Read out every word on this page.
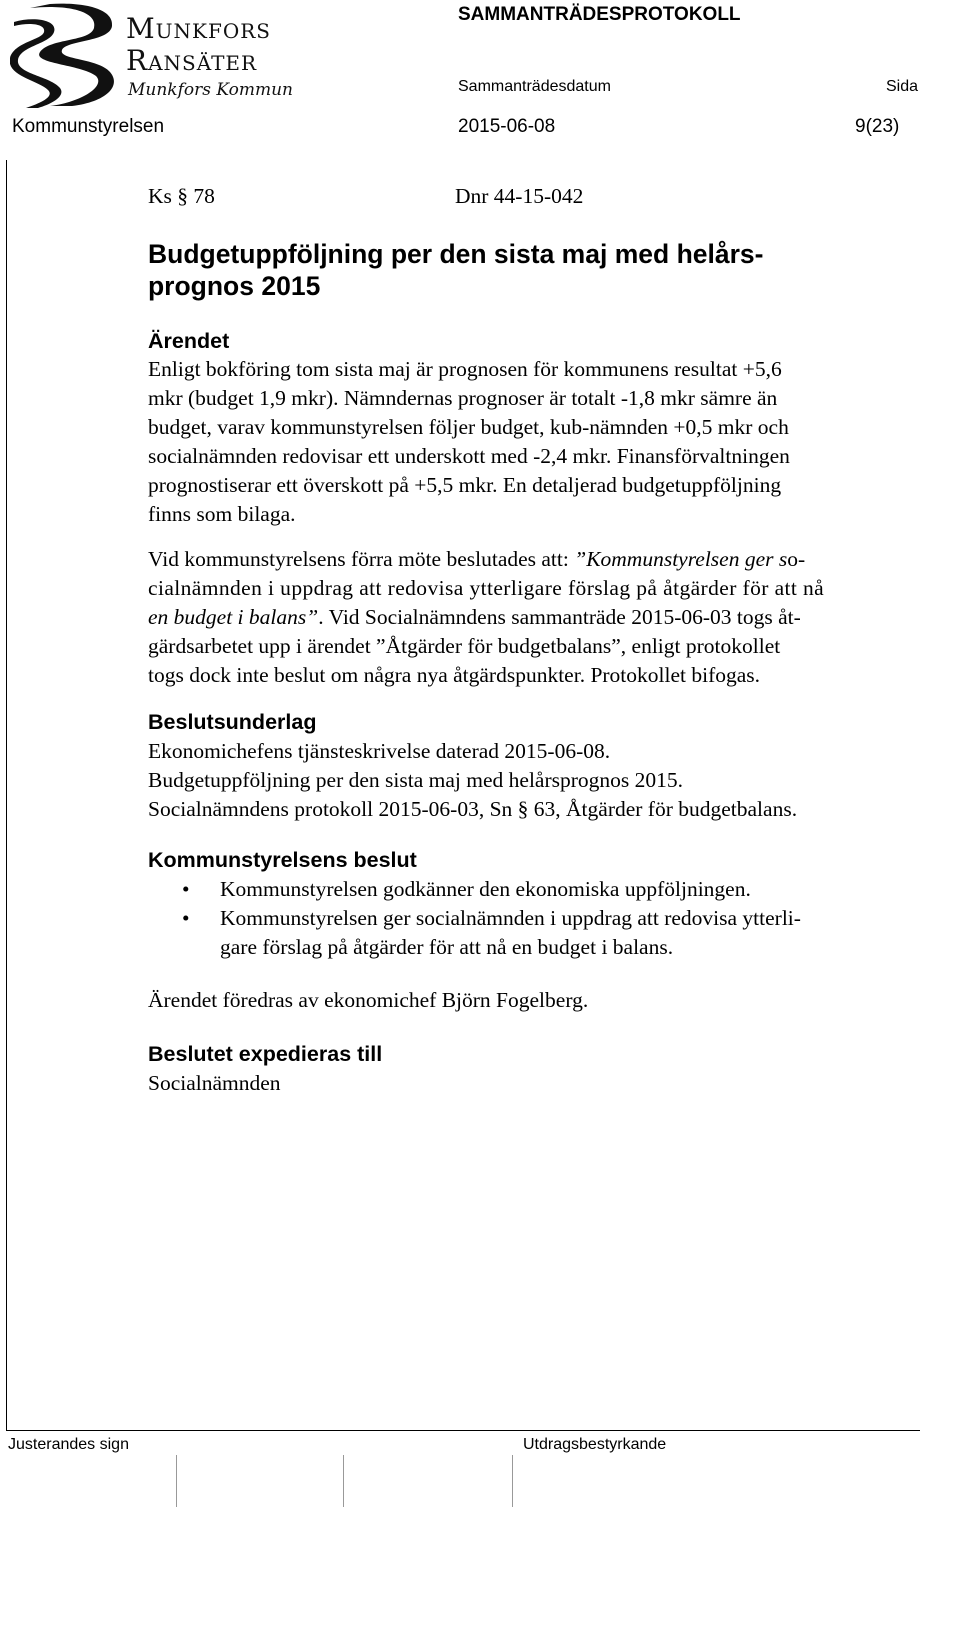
Munkfors
Ransäter
Munkfors Kommun
SAMMANTRÄDESPROTOKOLL
Sammanträdesdatum	Sida
Kommunstyrelsen	2015-06-08	9(23)
Ks § 78	Dnr 44-15-042
Budgetuppföljning per den sista maj med helårs-
prognos 2015
Ärendet

Enligt bokföring tom sista maj är prognosen för kommunens resultat +5,6

mkr (budget 1,9 mkr). Nämndernas prognoser är totalt -1,8 mkr sämre än

budget, varav kommunstyrelsen följer budget, kub-nämnden +0,5 mkr och

socialnämnden redovisar ett underskott med -2,4 mkr. Finansförvaltningen

prognostiserar ett överskott på +5,5 mkr. En detaljerad budgetuppföljning

finns som bilaga.

Vid kommunstyrelsens förra möte beslutades att: ”Kommunstyrelsen ger so-

cialnämnden i uppdrag att redovisa ytterligare förslag på åtgärder för att nå

en budget i balans”. Vid Socialnämndens sammanträde 2015-06-03 togs åt-

gärdsarbetet upp i ärendet ”Åtgärder för budgetbalans”, enligt protokollet

togs dock inte beslut om några nya åtgärdspunkter. Protokollet bifogas.

Beslutsunderlag

Ekonomichefens tjänsteskrivelse daterad 2015-06-08.

Budgetuppföljning per den sista maj med helårsprognos 2015.

Socialnämndens protokoll 2015-06-03, Sn § 63, Åtgärder för budgetbalans.

Kommunstyrelsens beslut
• Kommunstyrelsen godkänner den ekonomiska uppföljningen.
• Kommunstyrelsen ger socialnämnden i uppdrag att redovisa ytterli-
gare förslag på åtgärder för att nå en budget i balans.
Ärendet föredras av ekonomichef Björn Fogelberg.
Beslutet expedieras till
Socialnämnden
Justerandes sign	Utdragsbestyrkande
